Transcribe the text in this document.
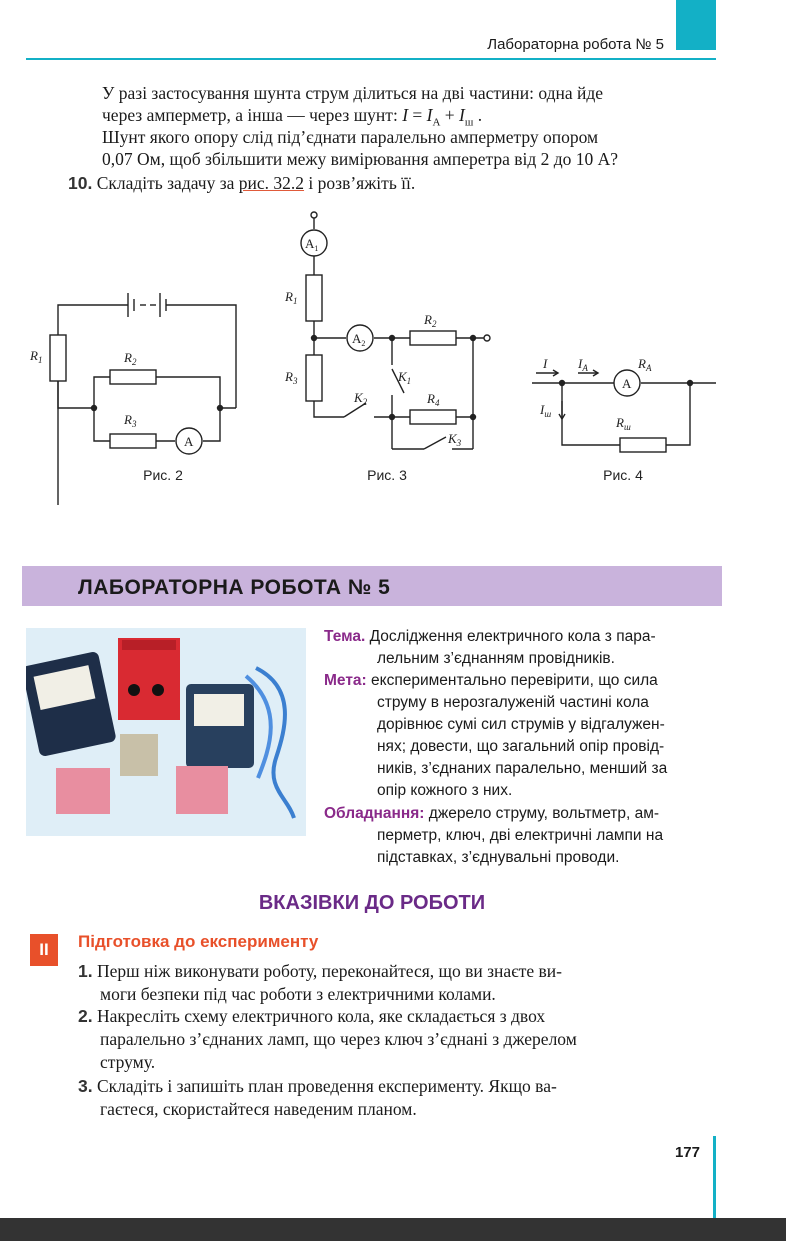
Лабораторна робота № 5
У разі застосування шунта струм ділиться на дві частини: одна йде
через амперметр, а інша — через шунт: $I = I_A + I_ш$ .
Шунт якого опору слід під’єднати паралельно амперметру опором
0,07 Ом, щоб збільшити межу вимірювання амперетра від 2 до 10 А?
10. Складіть задачу за рис. 32.2 і розв’яжіть її.
$R_1$	$R_2$
$R_3$
A
$A_1$
$A_2$
$R_1$
$R_2$
$R_3$
$R_4$
$K_1$
$K_2$
$K_3$
I $I_A$
A
$R_A$
$I_ш$
$R_ш$
Рис. 2	Рис. 3	Рис. 4
ЛАБОРАТОРНА РОБОТА № 5
Тема. Дослідження електричного кола з пара-
лельним з’єднанням провідників.
Мета: експериментально перевірити, що сила
струму в нерозгалуженій частині кола
дорівнює сумі сил струмів у відгалужен-
нях; довести, що загальний опір провід-
ників, з’єднаних паралельно, менший за
опір кожного з них.
Обладнання: джерело струму, вольтметр, ам-
перметр, ключ, дві електричні лампи на
підставках, з’єднувальні проводи.
ВКАЗІВКИ ДО РОБОТИ
II	Підготовка до експерименту
1. Перш ніж виконувати роботу, переконайтеся, що ви знаєте ви-
моги безпеки під час роботи з електричними колами.
2. Накресліть схему електричного кола, яке складається з двох
паралельно з’єднаних ламп, що через ключ з’єднані з джерелом
струму.
3. Складіть і запишіть план проведення експерименту. Якщо ва-
гаєтеся, скористайтеся наведеним планом.
177
